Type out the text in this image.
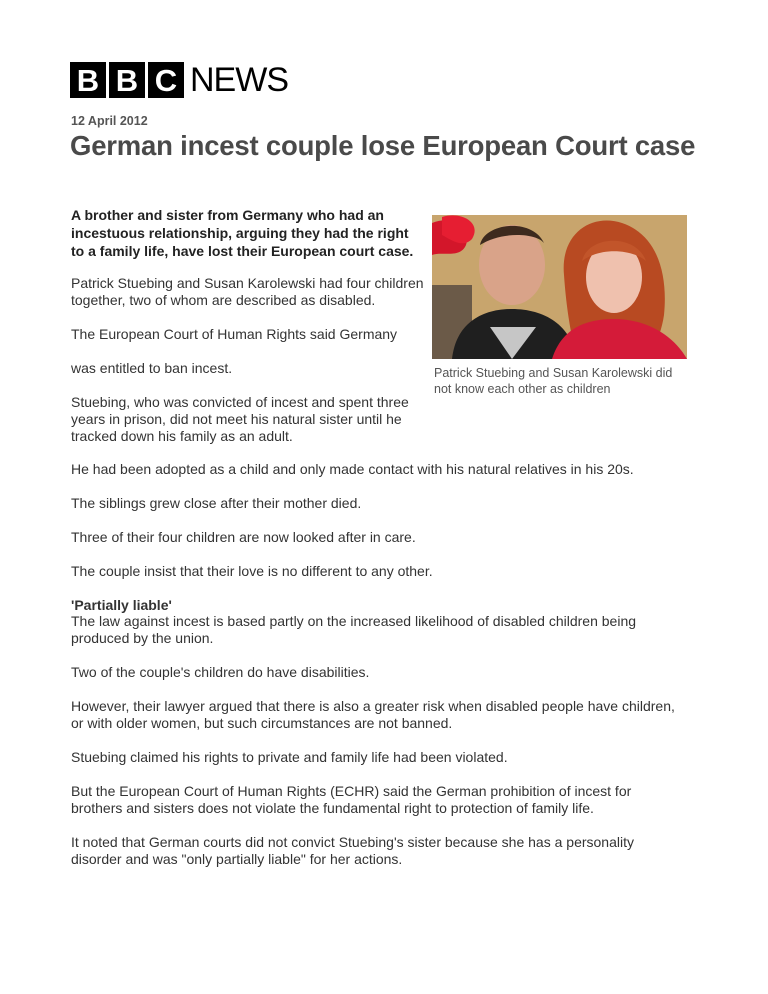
B B C NEWS
12 April 2012
German incest couple lose European Court case

A brother and sister from Germany who had an incestuous relationship, arguing they had the right to a family life, have lost their European court case.

Patrick Stuebing and Susan Karolewski had four children together, two of whom are described as disabled.

The European Court of Human Rights said Germany

was entitled to ban incest.

Stuebing, who was convicted of incest and spent three years in prison, did not meet his natural sister until he tracked down his family as an adult.

Patrick Stuebing and Susan Karolewski did not know each other as children

He had been adopted as a child and only made contact with his natural relatives in his 20s.

The siblings grew close after their mother died.

Three of their four children are now looked after in care.

The couple insist that their love is no different to any other.

'Partially liable'

The law against incest is based partly on the increased likelihood of disabled children being produced by the union.

Two of the couple's children do have disabilities.

However, their lawyer argued that there is also a greater risk when disabled people have children, or with older women, but such circumstances are not banned.

Stuebing claimed his rights to private and family life had been violated.

But the European Court of Human Rights (ECHR) said the German prohibition of incest for brothers and sisters does not violate the fundamental right to protection of family life.

It noted that German courts did not convict Stuebing's sister because she has a personality disorder and was "only partially liable" for her actions.
